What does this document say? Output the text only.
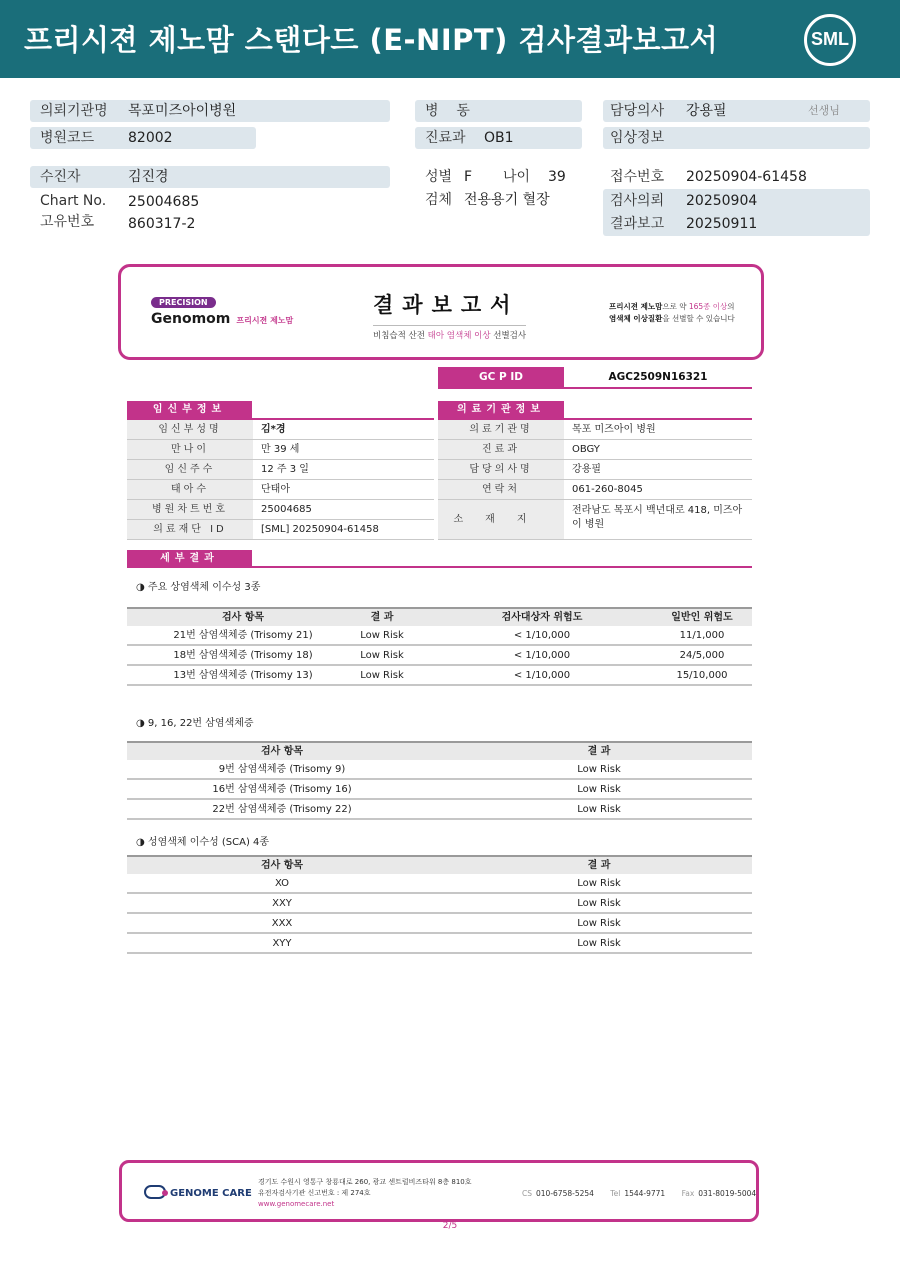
프리시젼 제노맘 스탠다드 (E-NIPT) 검사결과보고서	SML
의뢰기관명 목포미즈아이병원
병원코드 82002
병    동
진료과 OB1
담당의사 강용필	선생님
임상정보
수진자	김진경
Chart No. 25004685
고유번호 860317-2
성별 F 나이 39
검체 전용용기 혈장
접수번호 20250904-61458
검사의뢰 20250904
결과보고 20250911
PRECISION
Genomom 프리시젼 제노맘
결과보고서
비침습적 산전 태아 염색체 이상 선별검사
프리시젼 제노맘으로 약 165종 이상의
염색체 이상질환을 선별할 수 있습니다
GC P ID	AGC2509N16321
임신부정보	의료기관정보
임신부성명	김*경
만나이	만 39 세
임신주수	12 주 3 일
태아수	단태아
병원차트번호	25004685
의료재단 ID	[SML] 20250904-61458
의료기관명	목포 미즈아이 병원
진료과	OBGY
담당의사명	강용필
연락처	061-260-8045
소재지
전라남도 목포시 백년대로 418, 미즈아
이 병원
세부결과
◑ 주요 상염색체 이수성 3종
검사 항목	결 과	검사대상자 위험도	일반인 위험도
21번 삼염색체증 (Trisomy 21)	Low Risk	< 1/10,000	11/1,000
18번 삼염색체증 (Trisomy 18)	Low Risk	< 1/10,000	24/5,000
13번 삼염색체증 (Trisomy 13)	Low Risk	< 1/10,000	15/10,000
◑ 9, 16, 22번 삼염색체증
검사 항목	결 과
9번 삼염색체증 (Trisomy 9)	Low Risk
16번 삼염색체증 (Trisomy 16)	Low Risk
22번 삼염색체증 (Trisomy 22)	Low Risk
◑ 성염색체 이수성 (SCA) 4종
검사 항목	결 과
XO	Low Risk
XXY	Low Risk
XXX	Low Risk
XYY	Low Risk
GENOME CARE
경기도 수원시 영통구 창룡대로 260, 광교 센트럴비즈타워 8층 810호
유전자검사기관 신고번호 : 제 274호
www.genomecare.net
CS 010-6758-5254 Tel 1544-9771 Fax 031-8019-5004
2/5
